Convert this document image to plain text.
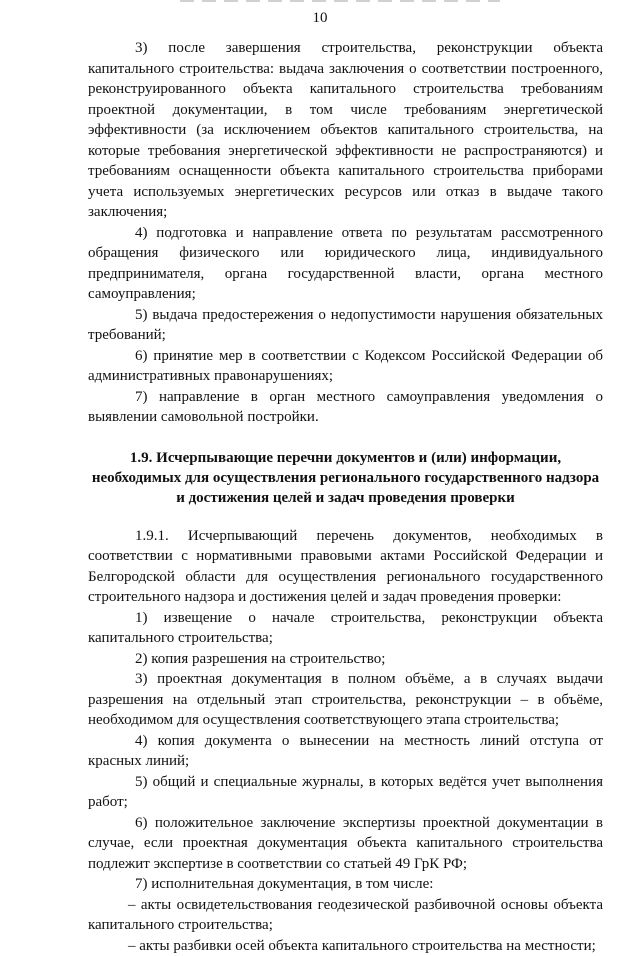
10

3) после завершения строительства, реконструкции объекта капитального строительства: выдача заключения о соответствии построенного, реконструированного объекта капитального строительства требованиям проектной документации, в том числе требованиям энергетической эффективности (за исключением объектов капитального строительства, на которые требования энергетической эффективности не распространяются) и требованиям оснащенности объекта капитального строительства приборами учета используемых энергетических ресурсов или отказ в выдаче такого заключения;

4) подготовка и направление ответа по результатам рассмотренного обращения физического или юридического лица, индивидуального предпринимателя, органа государственной власти, органа местного самоуправления;

5) выдача предостережения о недопустимости нарушения обязательных требований;

6) принятие мер в соответствии с Кодексом Российской Федерации об административных правонарушениях;

7) направление в орган местного самоуправления уведомления о выявлении самовольной постройки.

1.9. Исчерпывающие перечни документов и (или) информации,
необходимых для осуществления регионального государственного надзора
и достижения целей и задач проведения проверки

1.9.1. Исчерпывающий перечень документов, необходимых в соответствии с нормативными правовыми актами Российской Федерации и Белгородской области для осуществления регионального государственного строительного надзора и достижения целей и задач проведения проверки:

1) извещение о начале строительства, реконструкции объекта капитального строительства;

2) копия разрешения на строительство;

3) проектная документация в полном объёме, а в случаях выдачи разрешения на отдельный этап строительства, реконструкции – в объёме, необходимом для осуществления соответствующего этапа строительства;

4) копия документа о вынесении на местность линий отступа от красных линий;

5) общий и специальные журналы, в которых ведётся учет выполнения работ;

6) положительное заключение экспертизы проектной документации в случае, если проектная документация объекта капитального строительства подлежит экспертизе в соответствии со статьей 49 ГрК РФ;

7) исполнительная документация, в том числе:

– акты освидетельствования геодезической разбивочной основы объекта капитального строительства;

– акты разбивки осей объекта капитального строительства на местности;
